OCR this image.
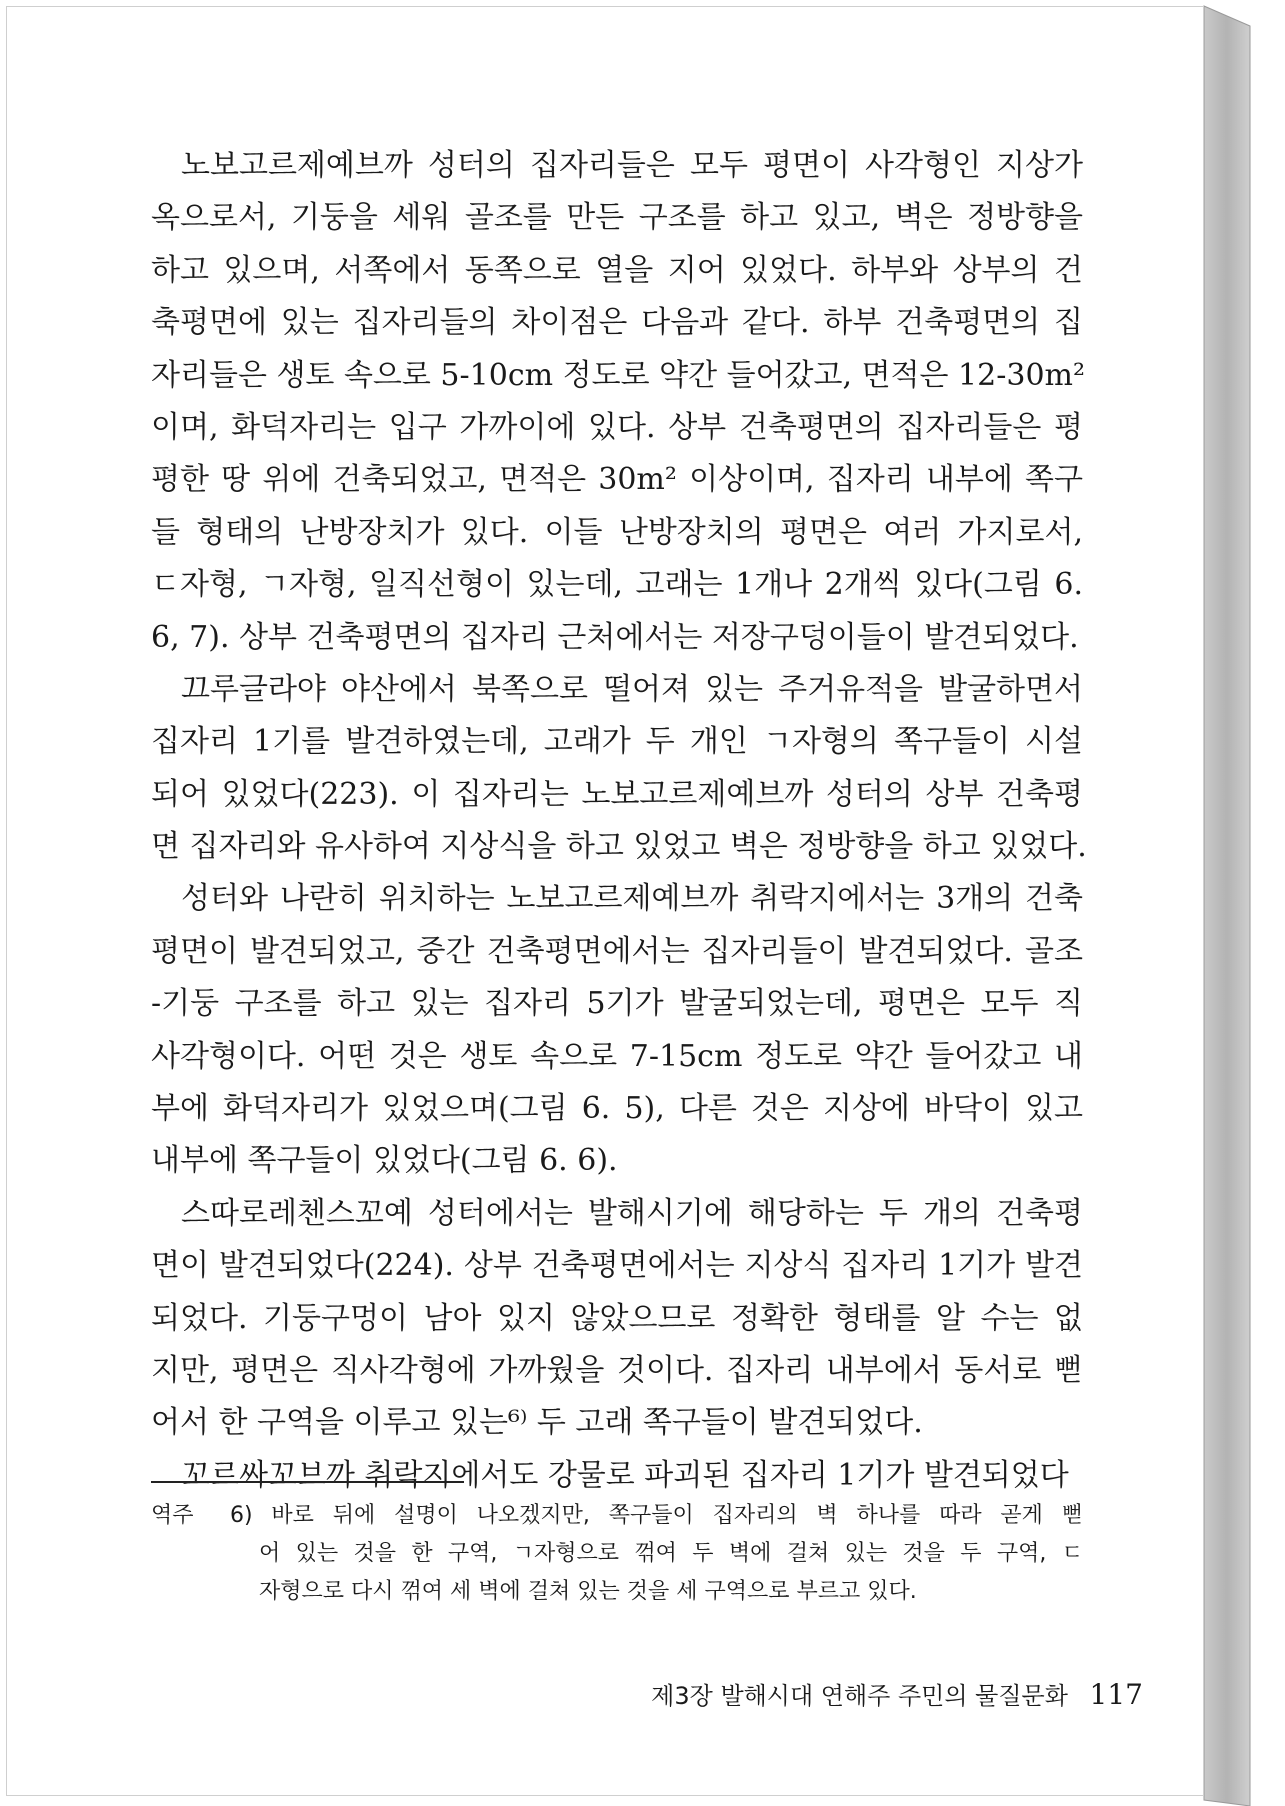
노보고르제예브까 성터의 집자리들은 모두 평면이 사각형인 지상가
옥으로서, 기둥을 세워 골조를 만든 구조를 하고 있고, 벽은 정방향을
하고 있으며, 서쪽에서 동쪽으로 열을 지어 있었다. 하부와 상부의 건
축평면에 있는 집자리들의 차이점은 다음과 같다. 하부 건축평면의 집
자리들은 생토 속으로 5-10cm 정도로 약간 들어갔고, 면적은 12-30m²
이며, 화덕자리는 입구 가까이에 있다. 상부 건축평면의 집자리들은 평
평한 땅 위에 건축되었고, 면적은 30m² 이상이며, 집자리 내부에 쪽구
들 형태의 난방장치가 있다. 이들 난방장치의 평면은 여러 가지로서,
ㄷ자형, ㄱ자형, 일직선형이 있는데, 고래는 1개나 2개씩 있다(그림 6.
6, 7). 상부 건축평면의 집자리 근처에서는 저장구덩이들이 발견되었다.
끄루글라야 야산에서 북쪽으로 떨어져 있는 주거유적을 발굴하면서
집자리 1기를 발견하였는데, 고래가 두 개인 ㄱ자형의 쪽구들이 시설
되어 있었다(223). 이 집자리는 노보고르제예브까 성터의 상부 건축평
면 집자리와 유사하여 지상식을 하고 있었고 벽은 정방향을 하고 있었다.
성터와 나란히 위치하는 노보고르제예브까 취락지에서는 3개의 건축
평면이 발견되었고, 중간 건축평면에서는 집자리들이 발견되었다. 골조
-기둥 구조를 하고 있는 집자리 5기가 발굴되었는데, 평면은 모두 직
사각형이다. 어떤 것은 생토 속으로 7-15cm 정도로 약간 들어갔고 내
부에 화덕자리가 있었으며(그림 6. 5), 다른 것은 지상에 바닥이 있고
내부에 쪽구들이 있었다(그림 6. 6).
스따로레첸스꼬예 성터에서는 발해시기에 해당하는 두 개의 건축평
면이 발견되었다(224). 상부 건축평면에서는 지상식 집자리 1기가 발견
되었다. 기둥구멍이 남아 있지 않았으므로 정확한 형태를 알 수는 없
지만, 평면은 직사각형에 가까웠을 것이다. 집자리 내부에서 동서로 뻗
어서 한 구역을 이루고 있는⁶⁾ 두 고래 쪽구들이 발견되었다.
꼬르싸꼬브까 취락지에서도 강물로 파괴된 집자리 1기가 발견되었다
역주 6) 바로 뒤에 설명이 나오겠지만, 쪽구들이 집자리의 벽 하나를 따라 곧게 뻗
어 있는 것을 한 구역, ㄱ자형으로 꺾여 두 벽에 걸쳐 있는 것을 두 구역, ㄷ
자형으로 다시 꺾여 세 벽에 걸쳐 있는 것을 세 구역으로 부르고 있다.
제3장 발해시대 연해주 주민의 물질문화 117
